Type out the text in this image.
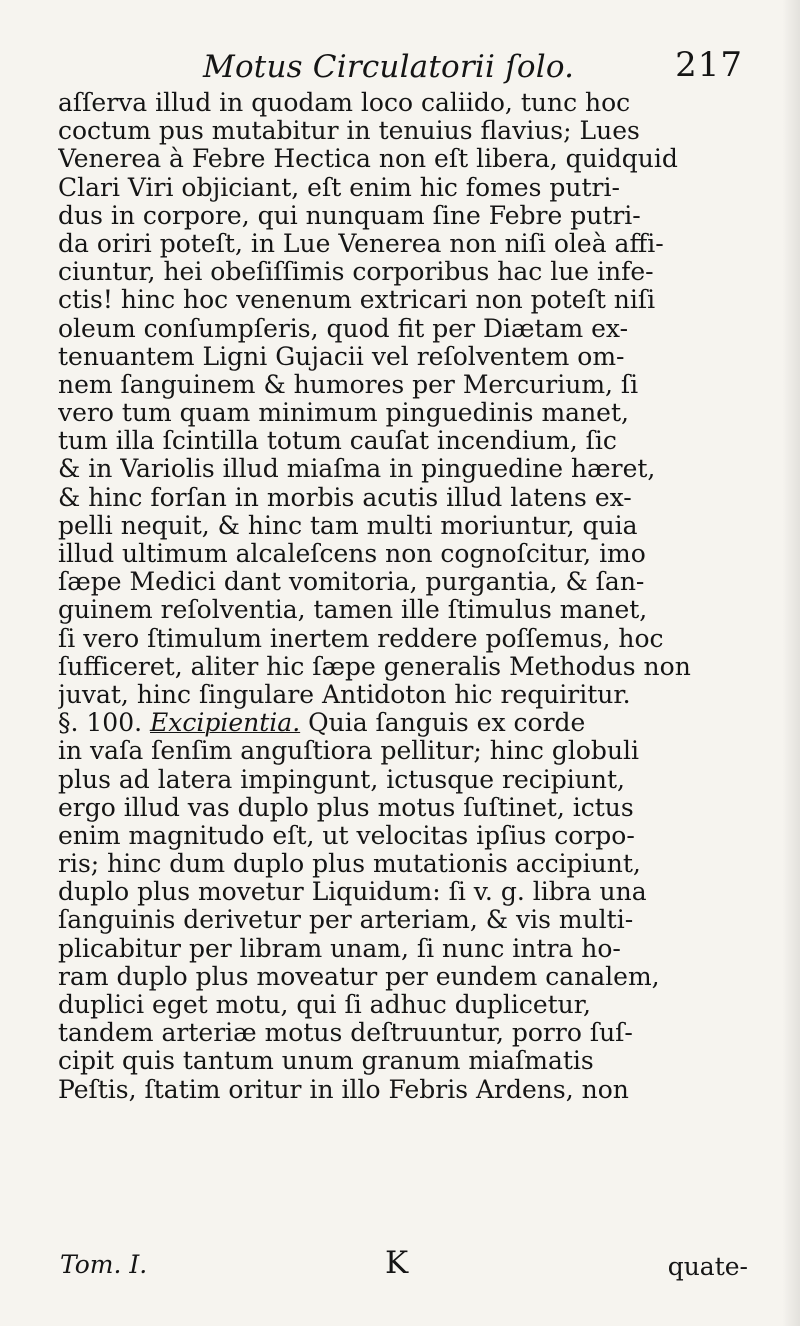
Motus Circulatorii ſolo.	217
aſſerva illud in quodam loco caliido, tunc hoc
coctum pus mutabitur in tenuius flavius; Lues
Venerea à Febre Hectica non eſt libera, quidquid
Clari Viri objiciant, eſt enim hic fomes putri-
dus in corpore, qui nunquam ſine Febre putri-
da oriri poteſt, in Lue Venerea non niſi oleà affi-
ciuntur, hei obeſiſſimis corporibus hac lue infe-
ctis! hinc hoc venenum extricari non poteſt niſi
oleum conſumpſeris, quod fit per Diætam ex-
tenuantem Ligni Gujacii vel reſolventem om-
nem ſanguinem & humores per Mercurium, ſi
vero tum quam minimum pinguedinis manet,
tum illa ſcintilla totum cauſat incendium, ſic
& in Variolis illud miaſma in pinguedine hæret,
& hinc forſan in morbis acutis illud latens ex-
pelli nequit, & hinc tam multi moriuntur, quia
illud ultimum alcaleſcens non cognoſcitur, imo
ſæpe Medici dant vomitoria, purgantia, & ſan-
guinem reſolventia, tamen ille ſtimulus manet,
ſi vero ſtimulum inertem reddere poſſemus, hoc
ſufficeret, aliter hic ſæpe generalis Methodus non
juvat, hinc ſingulare Antidoton hic requiritur.
§. 100. Excipientia. Quia ſanguis ex corde
in vaſa ſenſim anguſtiora pellitur; hinc globuli
plus ad latera impingunt, ictusque recipiunt,
ergo illud vas duplo plus motus ſuſtinet, ictus
enim magnitudo eſt, ut velocitas ipſius corpo-
ris; hinc dum duplo plus mutationis accipiunt,
duplo plus movetur Liquidum: ſi v. g. libra una
ſanguinis derivetur per arteriam, & vis multi-
plicabitur per libram unam, ſi nunc intra ho-
ram duplo plus moveatur per eundem canalem,
duplici eget motu, qui ſi adhuc duplicetur,
tandem arteriæ motus deſtruuntur, porro ſuſ-
cipit quis tantum unum granum miaſmatis
Peſtis, ſtatim oritur in illo Febris Ardens, non
Tom. I.	K	quate-
